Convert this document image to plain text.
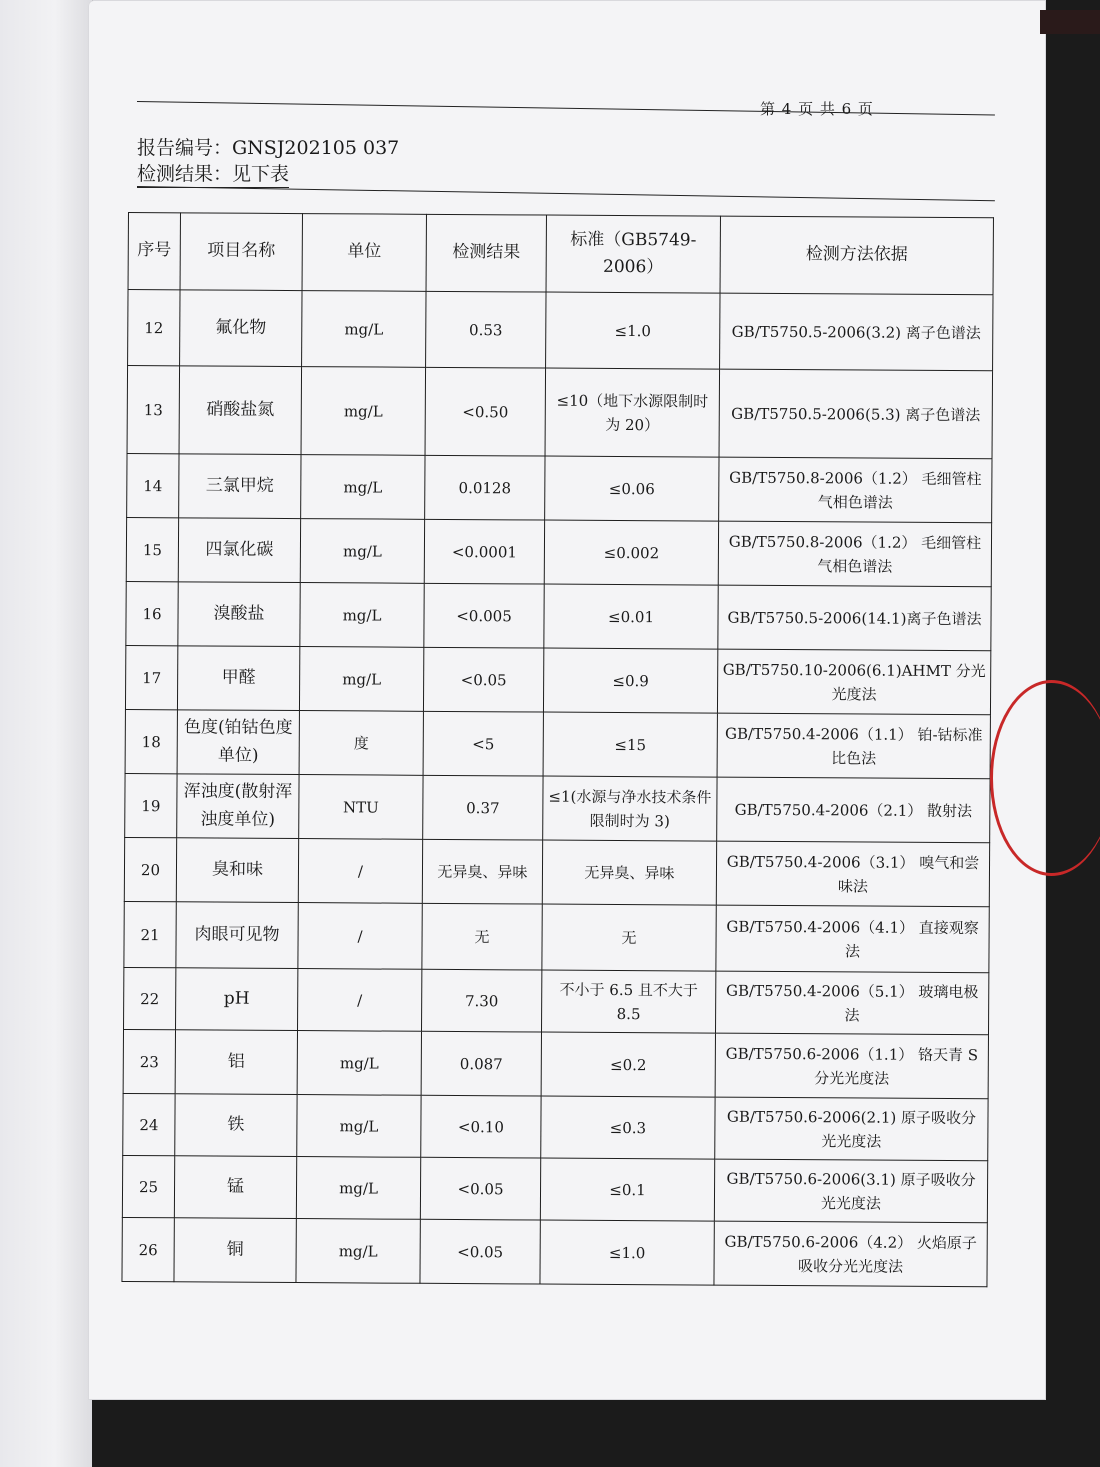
第 4 页 共 6 页
报告编号：GNSJ202105 037
检测结果：见下表
序号	项目名称	单位	检测结果	标准（GB5749-2006）	检测方法依据
12	氟化物	mg/L	0.53	≤1.0	GB/T5750.5-2006(3.2) 离子色谱法
13	硝酸盐氮	mg/L	<0.50	≤10（地下水源限制时为 20）	GB/T5750.5-2006(5.3) 离子色谱法
14	三氯甲烷	mg/L	0.0128	≤0.06	GB/T5750.8-2006（1.2） 毛细管柱气相色谱法
15	四氯化碳	mg/L	<0.0001	≤0.002	GB/T5750.8-2006（1.2） 毛细管柱气相色谱法
16	溴酸盐	mg/L	<0.005	≤0.01	GB/T5750.5-2006(14.1)离子色谱法
17	甲醛	mg/L	<0.05	≤0.9	GB/T5750.10-2006(6.1)AHMT 分光光度法
18	色度(铂钴色度单位)	度	<5	≤15	GB/T5750.4-2006（1.1） 铂-钴标准比色法
19	浑浊度(散射浑浊度单位)	NTU	0.37	≤1(水源与净水技术条件限制时为 3)	GB/T5750.4-2006（2.1） 散射法
20	臭和味	/	无异臭、异味	无异臭、异味	GB/T5750.4-2006（3.1） 嗅气和尝味法
21	肉眼可见物	/	无	无	GB/T5750.4-2006（4.1） 直接观察法
22	pH	/	7.30	不小于 6.5 且不大于 8.5	GB/T5750.4-2006（5.1） 玻璃电极法
23	铝	mg/L	0.087	≤0.2	GB/T5750.6-2006（1.1） 铬天青 S 分光光度法
24	铁	mg/L	<0.10	≤0.3	GB/T5750.6-2006(2.1) 原子吸收分光光度法
25	锰	mg/L	<0.05	≤0.1	GB/T5750.6-2006(3.1) 原子吸收分光光度法
26	铜	mg/L	<0.05	≤1.0	GB/T5750.6-2006（4.2） 火焰原子吸收分光光度法
